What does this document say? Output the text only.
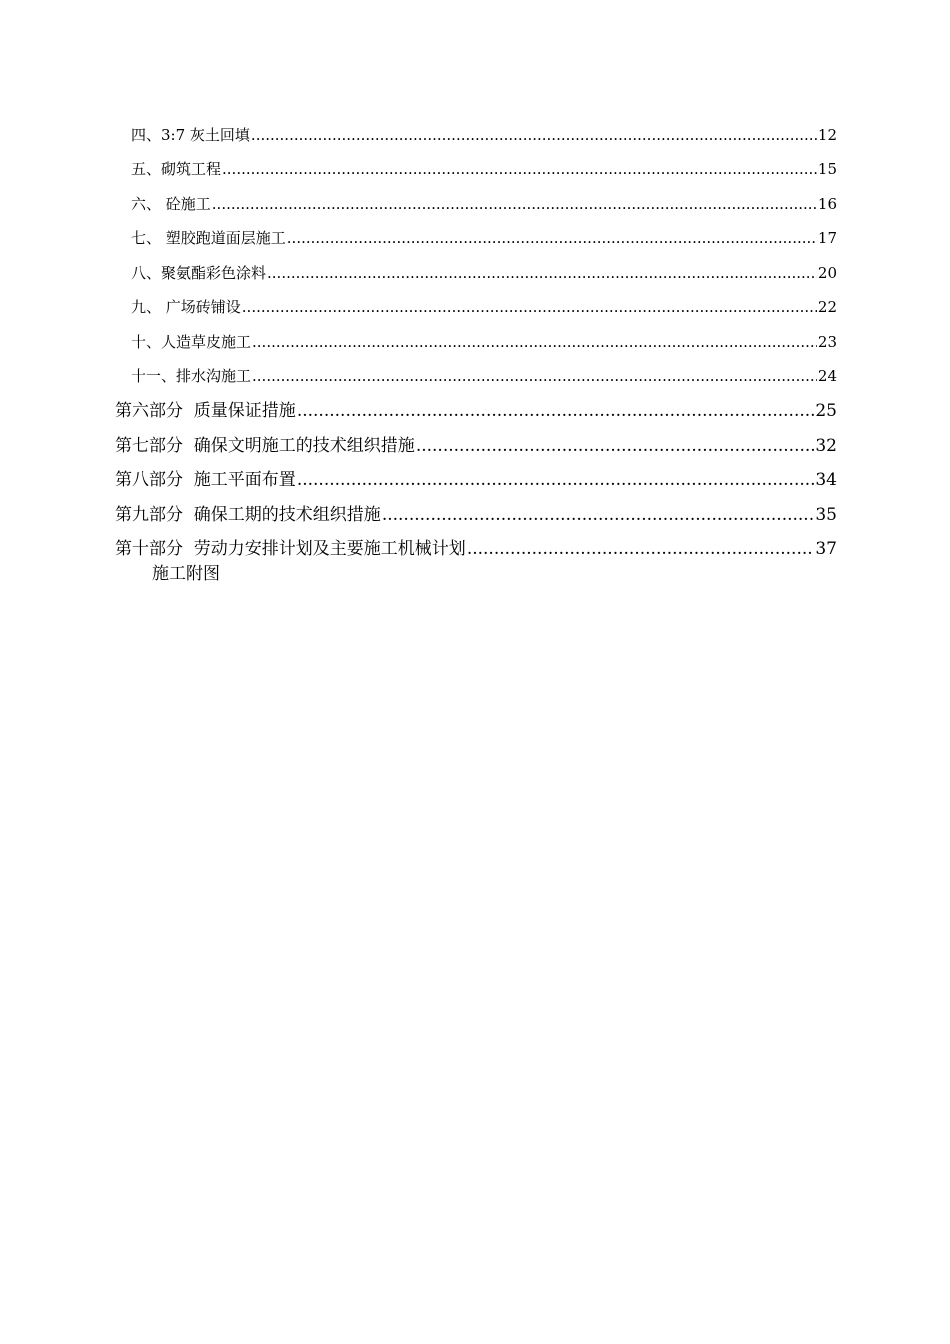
四、3:7 灰土回填 .....	12
五、砌筑工程 .....	15
六、 砼施工 .....	16
七、 塑胶跑道面层施工 .....	17
八、聚氨酯彩色涂料 .....	20
九、 广场砖铺设 .....	22
十、人造草皮施工 .....	23
十一、排水沟施工 .....	24
第六部分  质量保证措施 .....	25
第七部分  确保文明施工的技术组织措施 .....	32
第八部分  施工平面布置 .....	34
第九部分  确保工期的技术组织措施 .....	35
第十部分  劳动力安排计划及主要施工机械计划 .....	37
施工附图
